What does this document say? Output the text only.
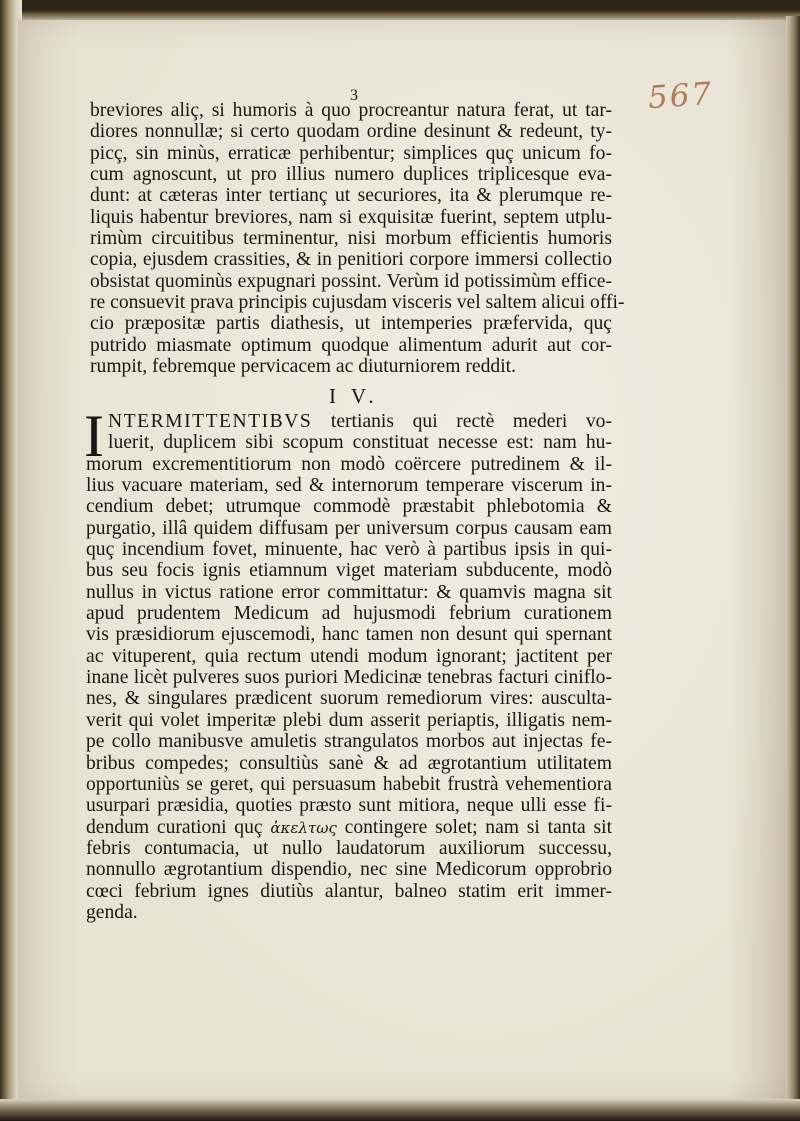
567
3
breviores aliç, si humoris à quo procreantur natura ferat, ut tar-
diores nonnullæ; si certo quodam ordine desinunt & redeunt, ty-
picç, sin minùs, erraticæ perhibentur; simplices quç unicum fo-
cum agnoscunt, ut pro illius numero duplices triplicesque eva-
dunt: at cæteras inter tertianç ut securiores, ita & plerumque re-
liquis habentur breviores, nam si exquisitæ fuerint, septem utplu-
rimùm circuitibus terminentur, nisi morbum efficientis humoris
copia, ejusdem crassities, & in penitiori corpore immersi collectio
obsistat quominùs expugnari possint. Verùm id potissimùm effice-
re consuevit prava principis cujusdam visceris vel saltem alicui offi-
cio præpositæ partis diathesis, ut intemperies præfervida, quç
putrido miasmate optimum quodque alimentum adurit aut cor-
rumpit, febremque pervicacem ac diuturniorem reddit.
I V.
I NTERMITTENTIBVS tertianis qui rectè mederi vo-
luerit, duplicem sibi scopum constituat necesse est: nam hu-
morum excrementitiorum non modò coërcere putredinem & il-
lius vacuare materiam, sed & internorum temperare viscerum in-
cendium debet; utrumque commodè præstabit phlebotomia &
purgatio, illâ quidem diffusam per universum corpus causam eam
quç incendium fovet, minuente, hac verò à partibus ipsis in qui-
bus seu focis ignis etiamnum viget materiam subducente, modò
nullus in victus ratione error committatur: & quamvis magna sit
apud prudentem Medicum ad hujusmodi febrium curationem
vis præsidiorum ejuscemodi, hanc tamen non desunt qui spernant
ac vituperent, quia rectum utendi modum ignorant; jactitent per
inane licèt pulveres suos puriori Medicinæ tenebras facturi ciniflo-
nes, & singulares prædicent suorum remediorum vires: ausculta-
verit qui volet imperitæ plebi dum asserit periaptis, illigatis nem-
pe collo manibusve amuletis strangulatos morbos aut injectas fe-
bribus compedes; consultiùs sanè & ad ægrotantium utilitatem
opportuniùs se geret, qui persuasum habebit frustrà vehementiora
usurpari præsidia, quoties præsto sunt mitiora, neque ulli esse fi-
dendum curationi quç ἀκελτως contingere solet; nam si tanta sit
febris contumacia, ut nullo laudatorum auxiliorum successu,
nonnullo ægrotantium dispendio, nec sine Medicorum opprobrio
cœci febrium ignes diutiùs alantur, balneo statim erit immer-
genda.
